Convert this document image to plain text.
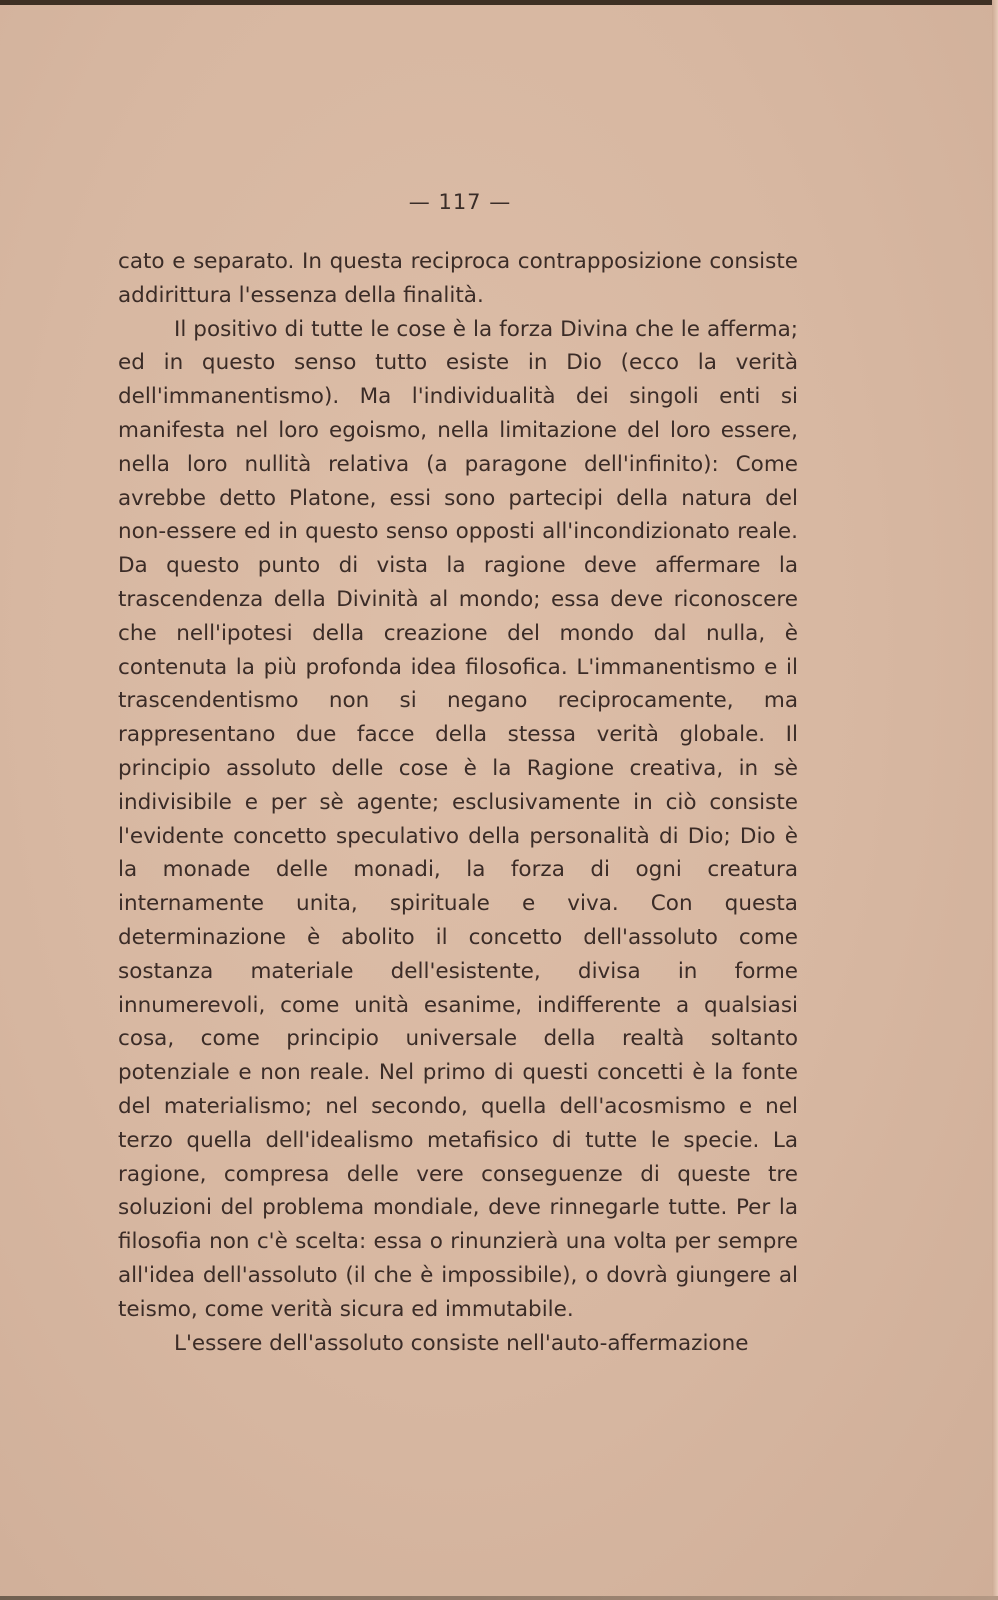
— 117 —

cato e separato. In questa reciproca contrapposizione consiste addirittura l'essenza della finalità.

Il positivo di tutte le cose è la forza Divina che le afferma; ed in questo senso tutto esiste in Dio (ecco la verità dell'immanentismo). Ma l'individualità dei singoli enti si manifesta nel loro egoismo, nella limitazione del loro essere, nella loro nullità relativa (a paragone dell'infinito): Come avrebbe detto Platone, essi sono partecipi della natura del non-essere ed in questo senso opposti all'incondizionato reale. Da questo punto di vista la ragione deve affermare la trascendenza della Divinità al mondo; essa deve riconoscere che nell'ipotesi della creazione del mondo dal nulla, è contenuta la più profonda idea filosofica. L'immanentismo e il trascendentismo non si negano reciprocamente, ma rappresentano due facce della stessa verità globale. Il principio assoluto delle cose è la Ragione creativa, in sè indivisibile e per sè agente; esclusivamente in ciò consiste l'evidente concetto speculativo della personalità di Dio; Dio è la monade delle monadi, la forza di ogni creatura internamente unita, spirituale e viva. Con questa determinazione è abolito il concetto dell'assoluto come sostanza materiale dell'esistente, divisa in forme innumerevoli, come unità esanime, indifferente a qualsiasi cosa, come principio universale della realtà soltanto potenziale e non reale. Nel primo di questi concetti è la fonte del materialismo; nel secondo, quella dell'acosmismo e nel terzo quella dell'idealismo metafisico di tutte le specie. La ragione, compresa delle vere conseguenze di queste tre soluzioni del problema mondiale, deve rinnegarle tutte. Per la filosofia non c'è scelta: essa o rinunzierà una volta per sempre all'idea dell'assoluto (il che è impossibile), o dovrà giungere al teismo, come verità sicura ed immutabile.

L'essere dell'assoluto consiste nell'auto-affermazione
